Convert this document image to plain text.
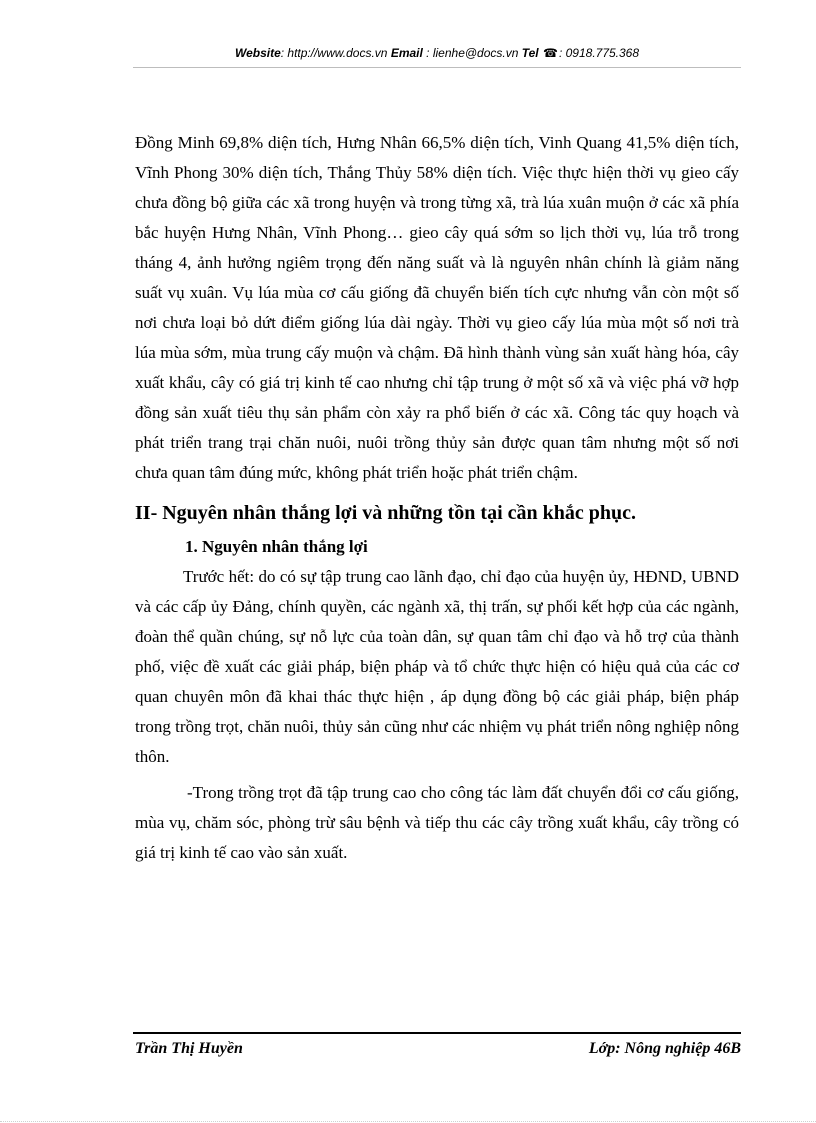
Website: http://www.docs.vn Email : lienhe@docs.vn Tel ☎: 0918.775.368

Đồng Minh 69,8% diện tích, Hưng Nhân 66,5% diện tích, Vinh Quang 41,5% diện tích, Vĩnh Phong 30% diện tích, Thắng Thủy 58% diện tích. Việc thực hiện thời vụ gieo cấy chưa đồng bộ giữa các xã trong huyện và trong từng xã, trà lúa xuân muộn ở các xã phía bắc huyện Hưng Nhân, Vĩnh Phong… gieo cây quá sớm so lịch thời vụ, lúa trỗ trong tháng 4, ảnh hưởng ngiêm trọng đến năng suất và là nguyên nhân chính là giảm năng suất vụ xuân. Vụ lúa mùa cơ cấu giống đã chuyển biến tích cực nhưng vẫn còn một số nơi chưa loại bỏ dứt điểm giống lúa dài ngày. Thời vụ gieo cấy lúa mùa một số nơi trà lúa mùa sớm, mùa trung cấy muộn và chậm. Đã hình thành vùng sản xuất hàng hóa, cây xuất khẩu, cây có giá trị kinh tế cao nhưng chỉ tập trung ở một số xã và việc phá vỡ hợp đồng sản xuất tiêu thụ sản phẩm còn xảy ra phổ biến ở các xã. Công tác quy hoạch và phát triển trang trại chăn nuôi, nuôi trồng thủy sản được quan tâm nhưng một số nơi chưa quan tâm đúng mức, không phát triển hoặc phát triển chậm.

II- Nguyên nhân thắng lợi và những tồn tại cần khắc phục.
1. Nguyên nhân thắng lợi

Trước hết: do có sự tập trung cao lãnh đạo, chỉ đạo của huyện ủy, HĐND, UBND và các cấp ủy Đảng, chính quyền, các ngành xã, thị trấn, sự phối kết hợp của các ngành, đoàn thể quần chúng, sự nỗ lực của toàn dân, sự quan tâm chỉ đạo và hỗ trợ của thành phố, việc đề xuất các giải pháp, biện pháp và tổ chức thực hiện có hiệu quả của các cơ quan chuyên môn đã khai thác thực hiện , áp dụng đồng bộ các giải pháp, biện pháp trong trồng trọt, chăn nuôi, thủy sản cũng như các nhiệm vụ phát triển nông nghiệp nông thôn.

-Trong trồng trọt đã tập trung cao cho công tác làm đất chuyển đổi cơ cấu giống, mùa vụ, chăm sóc, phòng trừ sâu bệnh và tiếp thu các cây trồng xuất khẩu, cây trồng có giá trị kinh tế cao vào sản xuất.

Trần Thị Huyền	Lớp: Nông nghiệp 46B
